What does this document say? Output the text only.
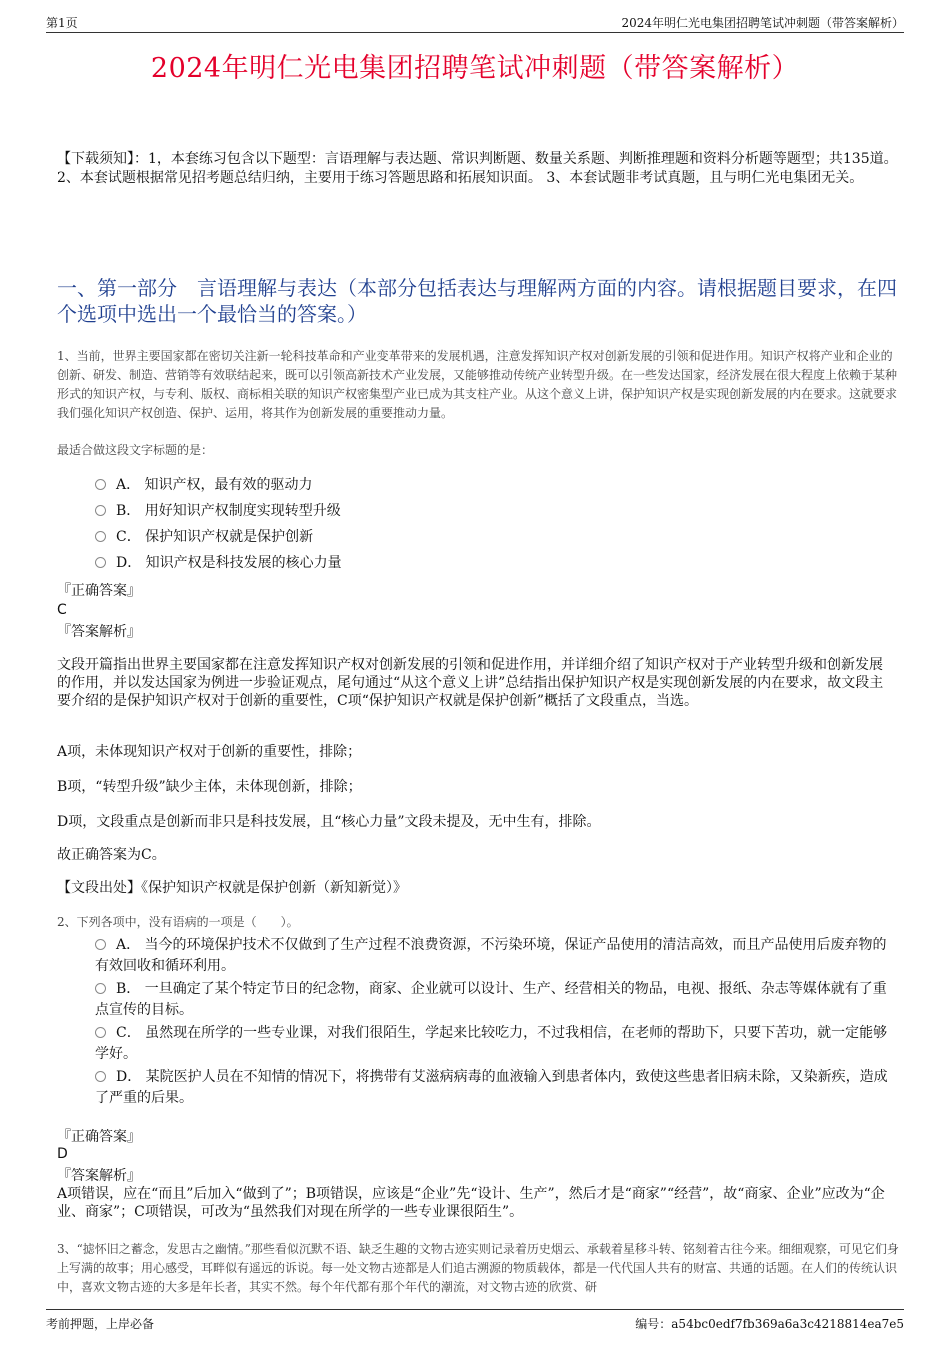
第1页	2024年明仁光电集团招聘笔试冲刺题（带答案解析）
2024年明仁光电集团招聘笔试冲刺题（带答案解析）
【下载须知】：1，本套练习包含以下题型：言语理解与表达题、常识判断题、数量关系题、判断推理题和资料分析题等题型；共135道。2、本套试题根据常见招考题总结归纳，主要用于练习答题思路和拓展知识面。 3、本套试题非考试真题，且与明仁光电集团无关。
一、第一部分　言语理解与表达（本部分包括表达与理解两方面的内容。请根据题目要求，在四个选项中选出一个最恰当的答案。）
1、当前，世界主要国家都在密切关注新一轮科技革命和产业变革带来的发展机遇，注意发挥知识产权对创新发展的引领和促进作用。知识产权将产业和企业的创新、研发、制造、营销等有效联结起来，既可以引领高新技术产业发展，又能够推动传统产业转型升级。在一些发达国家，经济发展在很大程度上依赖于某种形式的知识产权，与专利、版权、商标相关联的知识产权密集型产业已成为其支柱产业。从这个意义上讲，保护知识产权是实现创新发展的内在要求。这就要求我们强化知识产权创造、保护、运用，将其作为创新发展的重要推动力量。
最适合做这段文字标题的是：
A． 知识产权，最有效的驱动力
B． 用好知识产权制度实现转型升级
C． 保护知识产权就是保护创新
D． 知识产权是科技发展的核心力量
『正确答案』
C
『答案解析』
文段开篇指出世界主要国家都在注意发挥知识产权对创新发展的引领和促进作用，并详细介绍了知识产权对于产业转型升级和创新发展的作用，并以发达国家为例进一步验证观点，尾句通过“从这个意义上讲”总结指出保护知识产权是实现创新发展的内在要求，故文段主要介绍的是保护知识产权对于创新的重要性，C项“保护知识产权就是保护创新”概括了文段重点，当选。
A项，未体现知识产权对于创新的重要性，排除；
B项，“转型升级”缺少主体，未体现创新，排除；
D项，文段重点是创新而非只是科技发展，且“核心力量”文段未提及，无中生有，排除。
故正确答案为C。
【文段出处】《保护知识产权就是保护创新（新知新觉）》
2、下列各项中，没有语病的一项是（　　）。
A． 当今的环境保护技术不仅做到了生产过程不浪费资源，不污染环境，保证产品使用的清洁高效，而且产品使用后废弃物的有效回收和循环利用。
B． 一旦确定了某个特定节日的纪念物，商家、企业就可以设计、生产、经营相关的物品，电视、报纸、杂志等媒体就有了重点宣传的目标。
C． 虽然现在所学的一些专业课，对我们很陌生，学起来比较吃力，不过我相信，在老师的帮助下，只要下苦功，就一定能够学好。
D． 某院医护人员在不知情的情况下，将携带有艾滋病病毒的血液输入到患者体内，致使这些患者旧病未除，又染新疾，造成了严重的后果。
『正确答案』
D
『答案解析』
A项错误，应在“而且”后加入“做到了”；B项错误，应该是“企业”先“设计、生产”，然后才是“商家”“经营”，故“商家、企业”应改为“企业、商家”；C项错误，可改为“虽然我们对现在所学的一些专业课很陌生”。
3、“摅怀旧之蓄念，发思古之幽情。”那些看似沉默不语、缺乏生趣的文物古迹实则记录着历史烟云、承载着星移斗转、铭刻着古往今来。细细观察，可见它们身上写满的故事；用心感受，耳畔似有遥远的诉说。每一处文物古迹都是人们追古溯源的物质载体，都是一代代国人共有的财富、共通的话题。在人们的传统认识中，喜欢文物古迹的大多是年长者，其实不然。每个年代都有那个年代的潮流，对文物古迹的欣赏、研
考前押题，上岸必备	编号：a54bc0edf7fb369a6a3c4218814ea7e5
